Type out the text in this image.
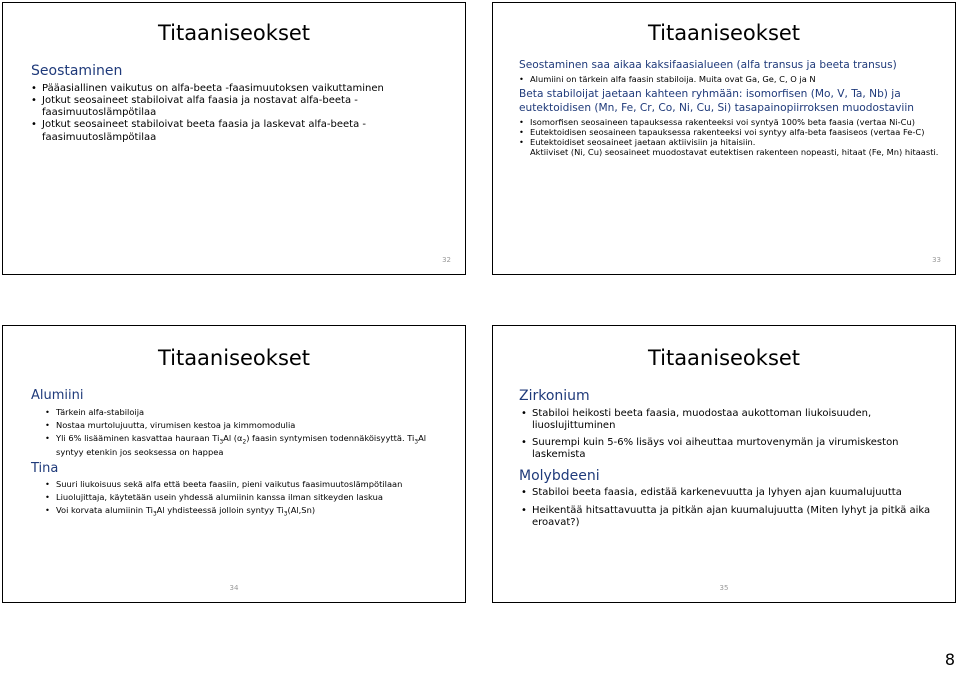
Titaaniseokset
Seostaminen
• Pääasiallinen vaikutus on alfa-beeta -faasimuutoksen vaikuttaminen
• Jotkut seosaineet stabiloivat alfa faasia ja nostavat alfa-beeta -faasimuutoslämpötilaa
• Jotkut seosaineet stabiloivat beeta faasia ja laskevat alfa-beeta -faasimuutoslämpötilaa
32
Titaaniseokset
Seostaminen saa aikaa kaksifaasialueen (alfa transus ja beeta transus)
• Alumiini on tärkein alfa faasin stabiloija. Muita ovat Ga, Ge, C, O ja N
Beta stabiloijat jaetaan kahteen ryhmään: isomorfisen (Mo, V, Ta, Nb) ja eutektoidisen (Mn, Fe, Cr, Co, Ni, Cu, Si) tasapainopiirroksen muodostaviin
• Isomorfisen seosaineen tapauksessa rakenteeksi voi syntyä 100% beta faasia (vertaa Ni-Cu)
• Eutektoidisen seosaineen tapauksessa rakenteeksi voi syntyy alfa-beta faasiseos (vertaa Fe-C)
• Eutektoidiset seosaineet jaetaan aktiivisiin ja hitaisiin.
Aktiiviset (Ni, Cu) seosaineet muodostavat eutektisen rakenteen nopeasti, hitaat (Fe, Mn) hitaasti.
33
Titaaniseokset
Alumiini
• Tärkein alfa-stabiloija
• Nostaa murtolujuutta, virumisen kestoa ja kimmomodulia
• Yli 6% lisääminen kasvattaa hauraan $Ti_3Al$ $(\alpha_2)$ faasin syntymisen todennäköisyyttä. $Ti_3Al$ syntyy etenkin jos seoksessa on happea
Tina
• Suuri liukoisuus sekä alfa että beeta faasiin, pieni vaikutus faasimuutoslämpötilaan
• Liuolujittaja, käytetään usein yhdessä alumiinin kanssa ilman sitkeyden laskua
• Voi korvata alumiinin $Ti_3Al$ yhdisteessä jolloin syntyy $Ti_3(Al,Sn)$
34
Titaaniseokset
Zirkonium
• Stabiloi heikosti beeta faasia, muodostaa aukottoman liukoisuuden, liuoslujittuminen
• Suurempi kuin 5-6% lisäys voi aiheuttaa murtovenymän ja virumiskeston laskemista
Molybdeeni
• Stabiloi beeta faasia, edistää karkenevuutta ja lyhyen ajan kuumalujuutta
• Heikentää hitsattavuutta ja pitkän ajan kuumalujuutta (Miten lyhyt ja pitkä aika eroavat?)
35
8
